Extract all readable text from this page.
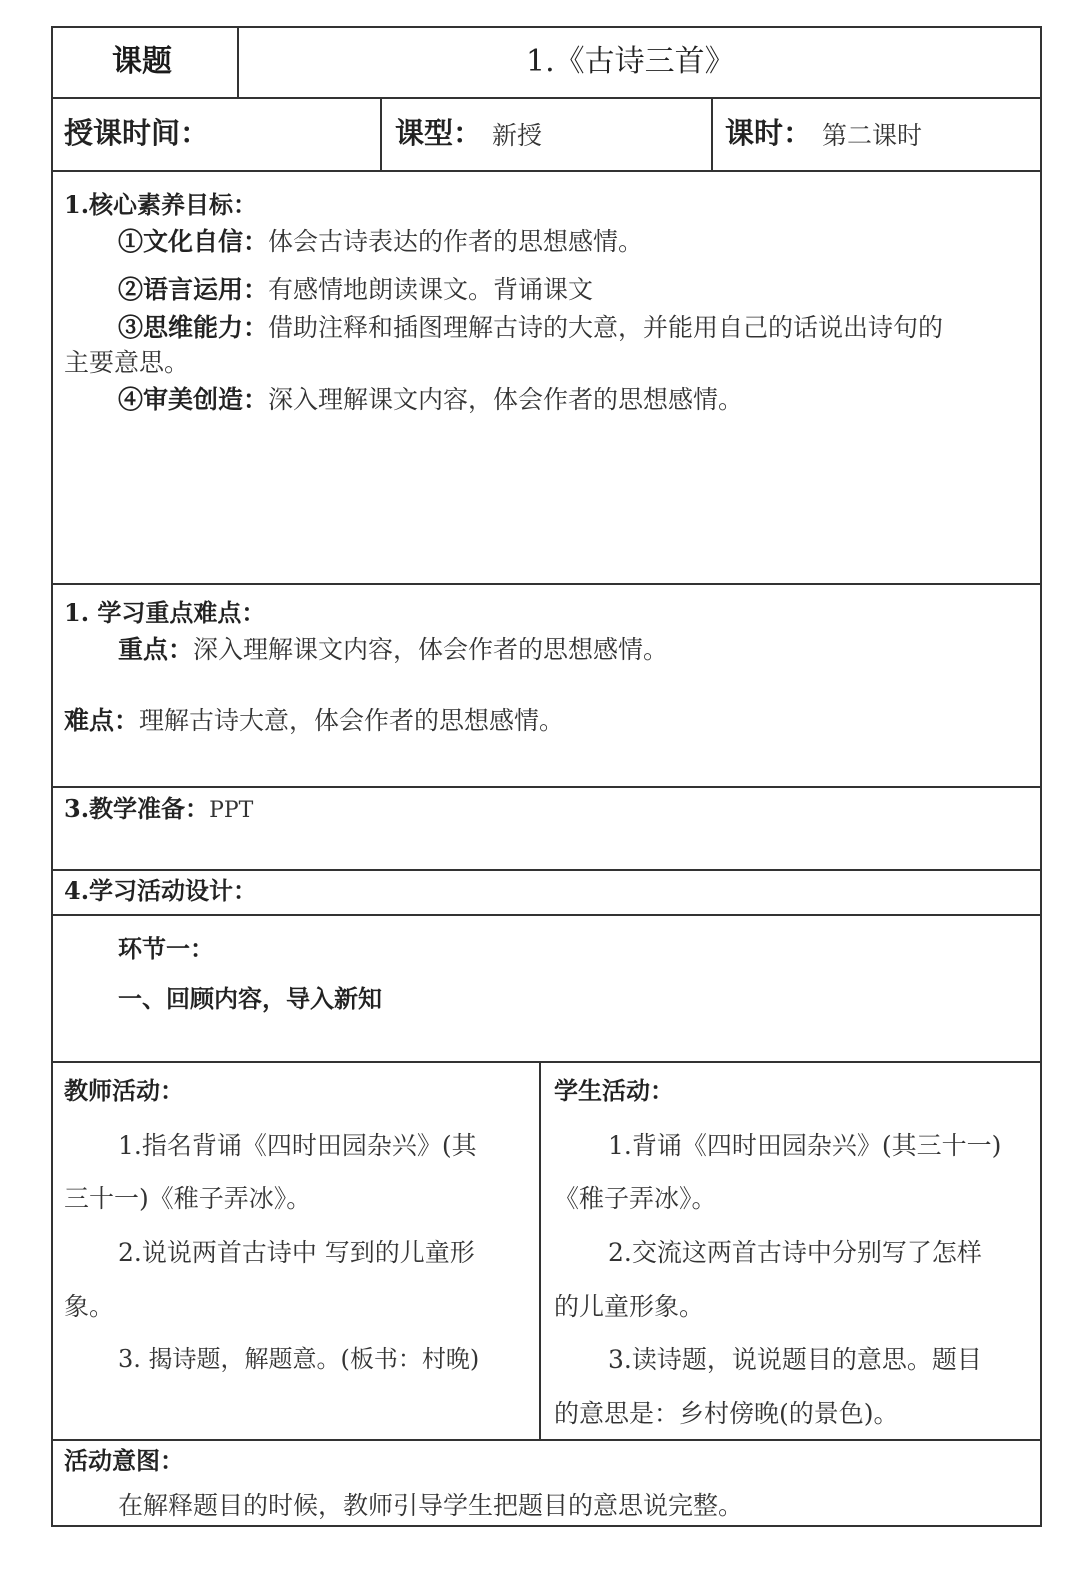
课题	1.《古诗三首》
授课时间：	课型： 新授	课时： 第二课时
1.核心素养目标：
①文化自信：体会古诗表达的作者的思想感情。
②语言运用：有感情地朗读课文。背诵课文
③思维能力：借助注释和插图理解古诗的大意，并能用自己的话说出诗句的
主要意思。
④审美创造：深入理解课文内容，体会作者的思想感情。
1. 学习重点难点：
重点：深入理解课文内容，体会作者的思想感情。
难点：理解古诗大意，体会作者的思想感情。
3.教学准备：PPT
4.学习活动设计：
环节一：
一、回顾内容，导入新知
教师活动：
1.指名背诵《四时田园杂兴》(其
三十一)《稚子弄冰》。
2.说说两首古诗中 写到的儿童形
象。
3. 揭诗题，解题意。(板书：村晚)
学生活动：
1.背诵《四时田园杂兴》(其三十一)
《稚子弄冰》。
2.交流这两首古诗中分别写了怎样
的儿童形象。
3.读诗题，说说题目的意思。题目
的意思是：乡村傍晚(的景色)。
活动意图：
在解释题目的时候，教师引导学生把题目的意思说完整。
